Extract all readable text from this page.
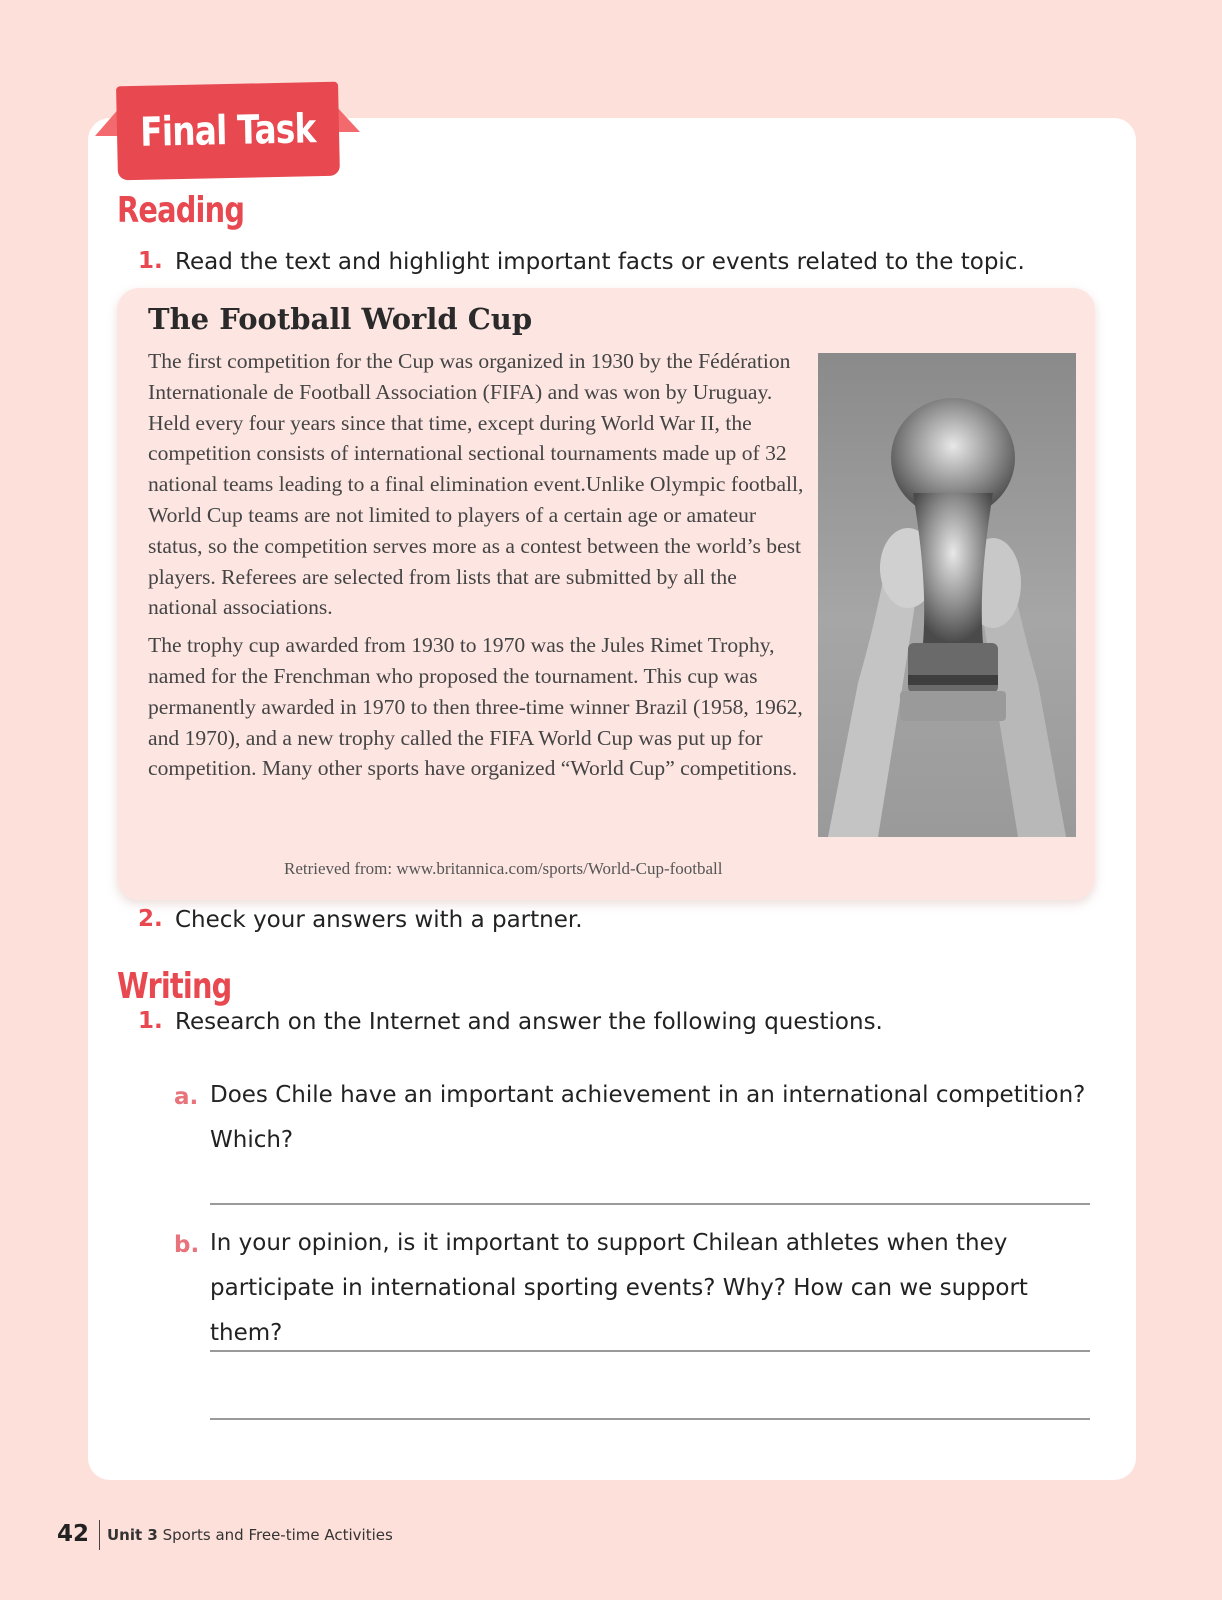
Final Task
Reading
1. Read the text and highlight important facts or events related to the topic.
The Football World Cup

The first competition for the Cup was organized in 1930 by the Fédération Internationale de Football Association (FIFA) and was won by Uruguay. Held every four years since that time, except during World War II, the competition consists of international sectional tournaments made up of 32 national teams leading to a final elimination event.Unlike Olympic football, World Cup teams are not limited to players of a certain age or amateur status, so the competition serves more as a contest between the world’s best players. Referees are selected from lists that are submitted by all the national associations.

The trophy cup awarded from 1930 to 1970 was the Jules Rimet Trophy, named for the Frenchman who proposed the tournament. This cup was permanently awarded in 1970 to then three-time winner Brazil (1958, 1962, and 1970), and a new trophy called the FIFA World Cup was put up for competition. Many other sports have organized “World Cup” competitions.

Retrieved from: www.britannica.com/sports/World-Cup-football
2. Check your answers with a partner.
Writing
1. Research on the Internet and answer the following questions.
a. Does Chile have an important achievement in an international competition? Which?
b. In your opinion, is it important to support Chilean athletes when they participate in international sporting events? Why? How can we support them?
42 Unit 3 Sports and Free-time Activities
